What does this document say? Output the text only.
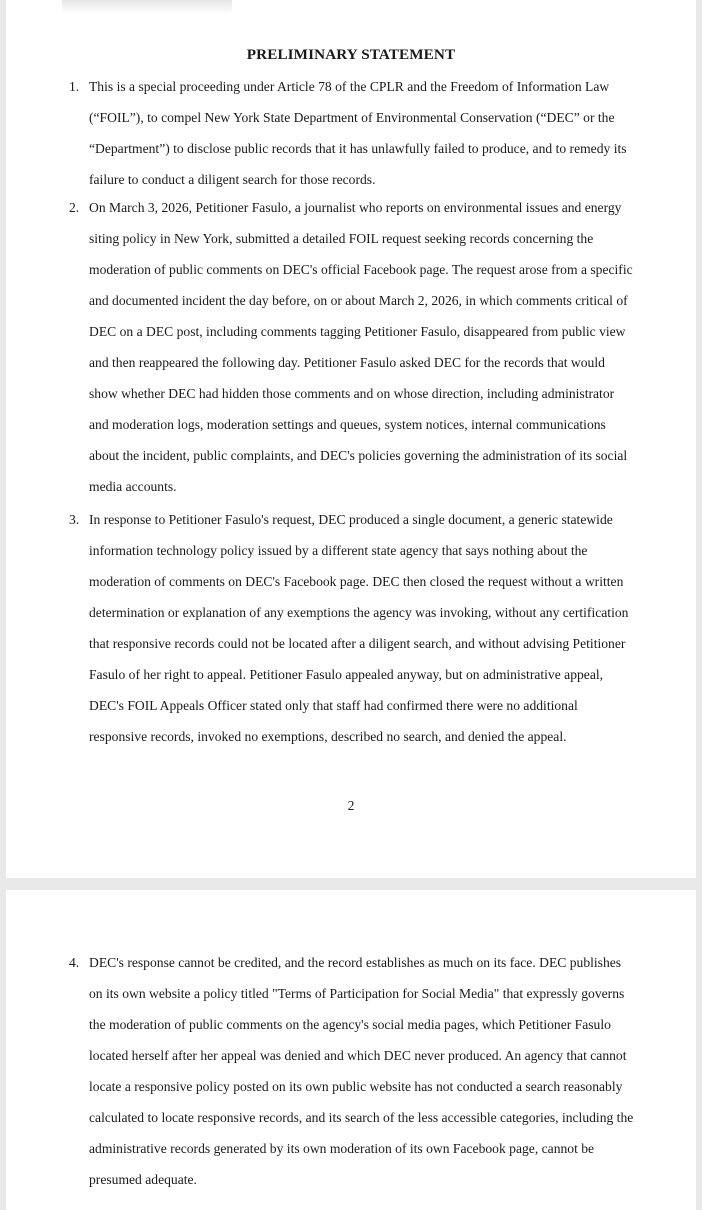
PRELIMINARY STATEMENT
1. This is a special proceeding under Article 78 of the CPLR and the Freedom of Information Law
(“FOIL”), to compel New York State Department of Environmental Conservation (“DEC” or the
“Department”) to disclose public records that it has unlawfully failed to produce, and to remedy its
failure to conduct a diligent search for those records.
2. On March 3, 2026, Petitioner Fasulo, a journalist who reports on environmental issues and energy
siting policy in New York, submitted a detailed FOIL request seeking records concerning the
moderation of public comments on DEC's official Facebook page. The request arose from a specific
and documented incident the day before, on or about March 2, 2026, in which comments critical of
DEC on a DEC post, including comments tagging Petitioner Fasulo, disappeared from public view
and then reappeared the following day. Petitioner Fasulo asked DEC for the records that would
show whether DEC had hidden those comments and on whose direction, including administrator
and moderation logs, moderation settings and queues, system notices, internal communications
about the incident, public complaints, and DEC's policies governing the administration of its social
media accounts.
3. In response to Petitioner Fasulo's request, DEC produced a single document, a generic statewide
information technology policy issued by a different state agency that says nothing about the
moderation of comments on DEC's Facebook page. DEC then closed the request without a written
determination or explanation of any exemptions the agency was invoking, without any certification
that responsive records could not be located after a diligent search, and without advising Petitioner
Fasulo of her right to appeal. Petitioner Fasulo appealed anyway, but on administrative appeal,
DEC's FOIL Appeals Officer stated only that staff had confirmed there were no additional
responsive records, invoked no exemptions, described no search, and denied the appeal.
2
4. DEC's response cannot be credited, and the record establishes as much on its face. DEC publishes
on its own website a policy titled "Terms of Participation for Social Media" that expressly governs
the moderation of public comments on the agency's social media pages, which Petitioner Fasulo
located herself after her appeal was denied and which DEC never produced. An agency that cannot
locate a responsive policy posted on its own public website has not conducted a search reasonably
calculated to locate responsive records, and its search of the less accessible categories, including the
administrative records generated by its own moderation of its own Facebook page, cannot be
presumed adequate.
